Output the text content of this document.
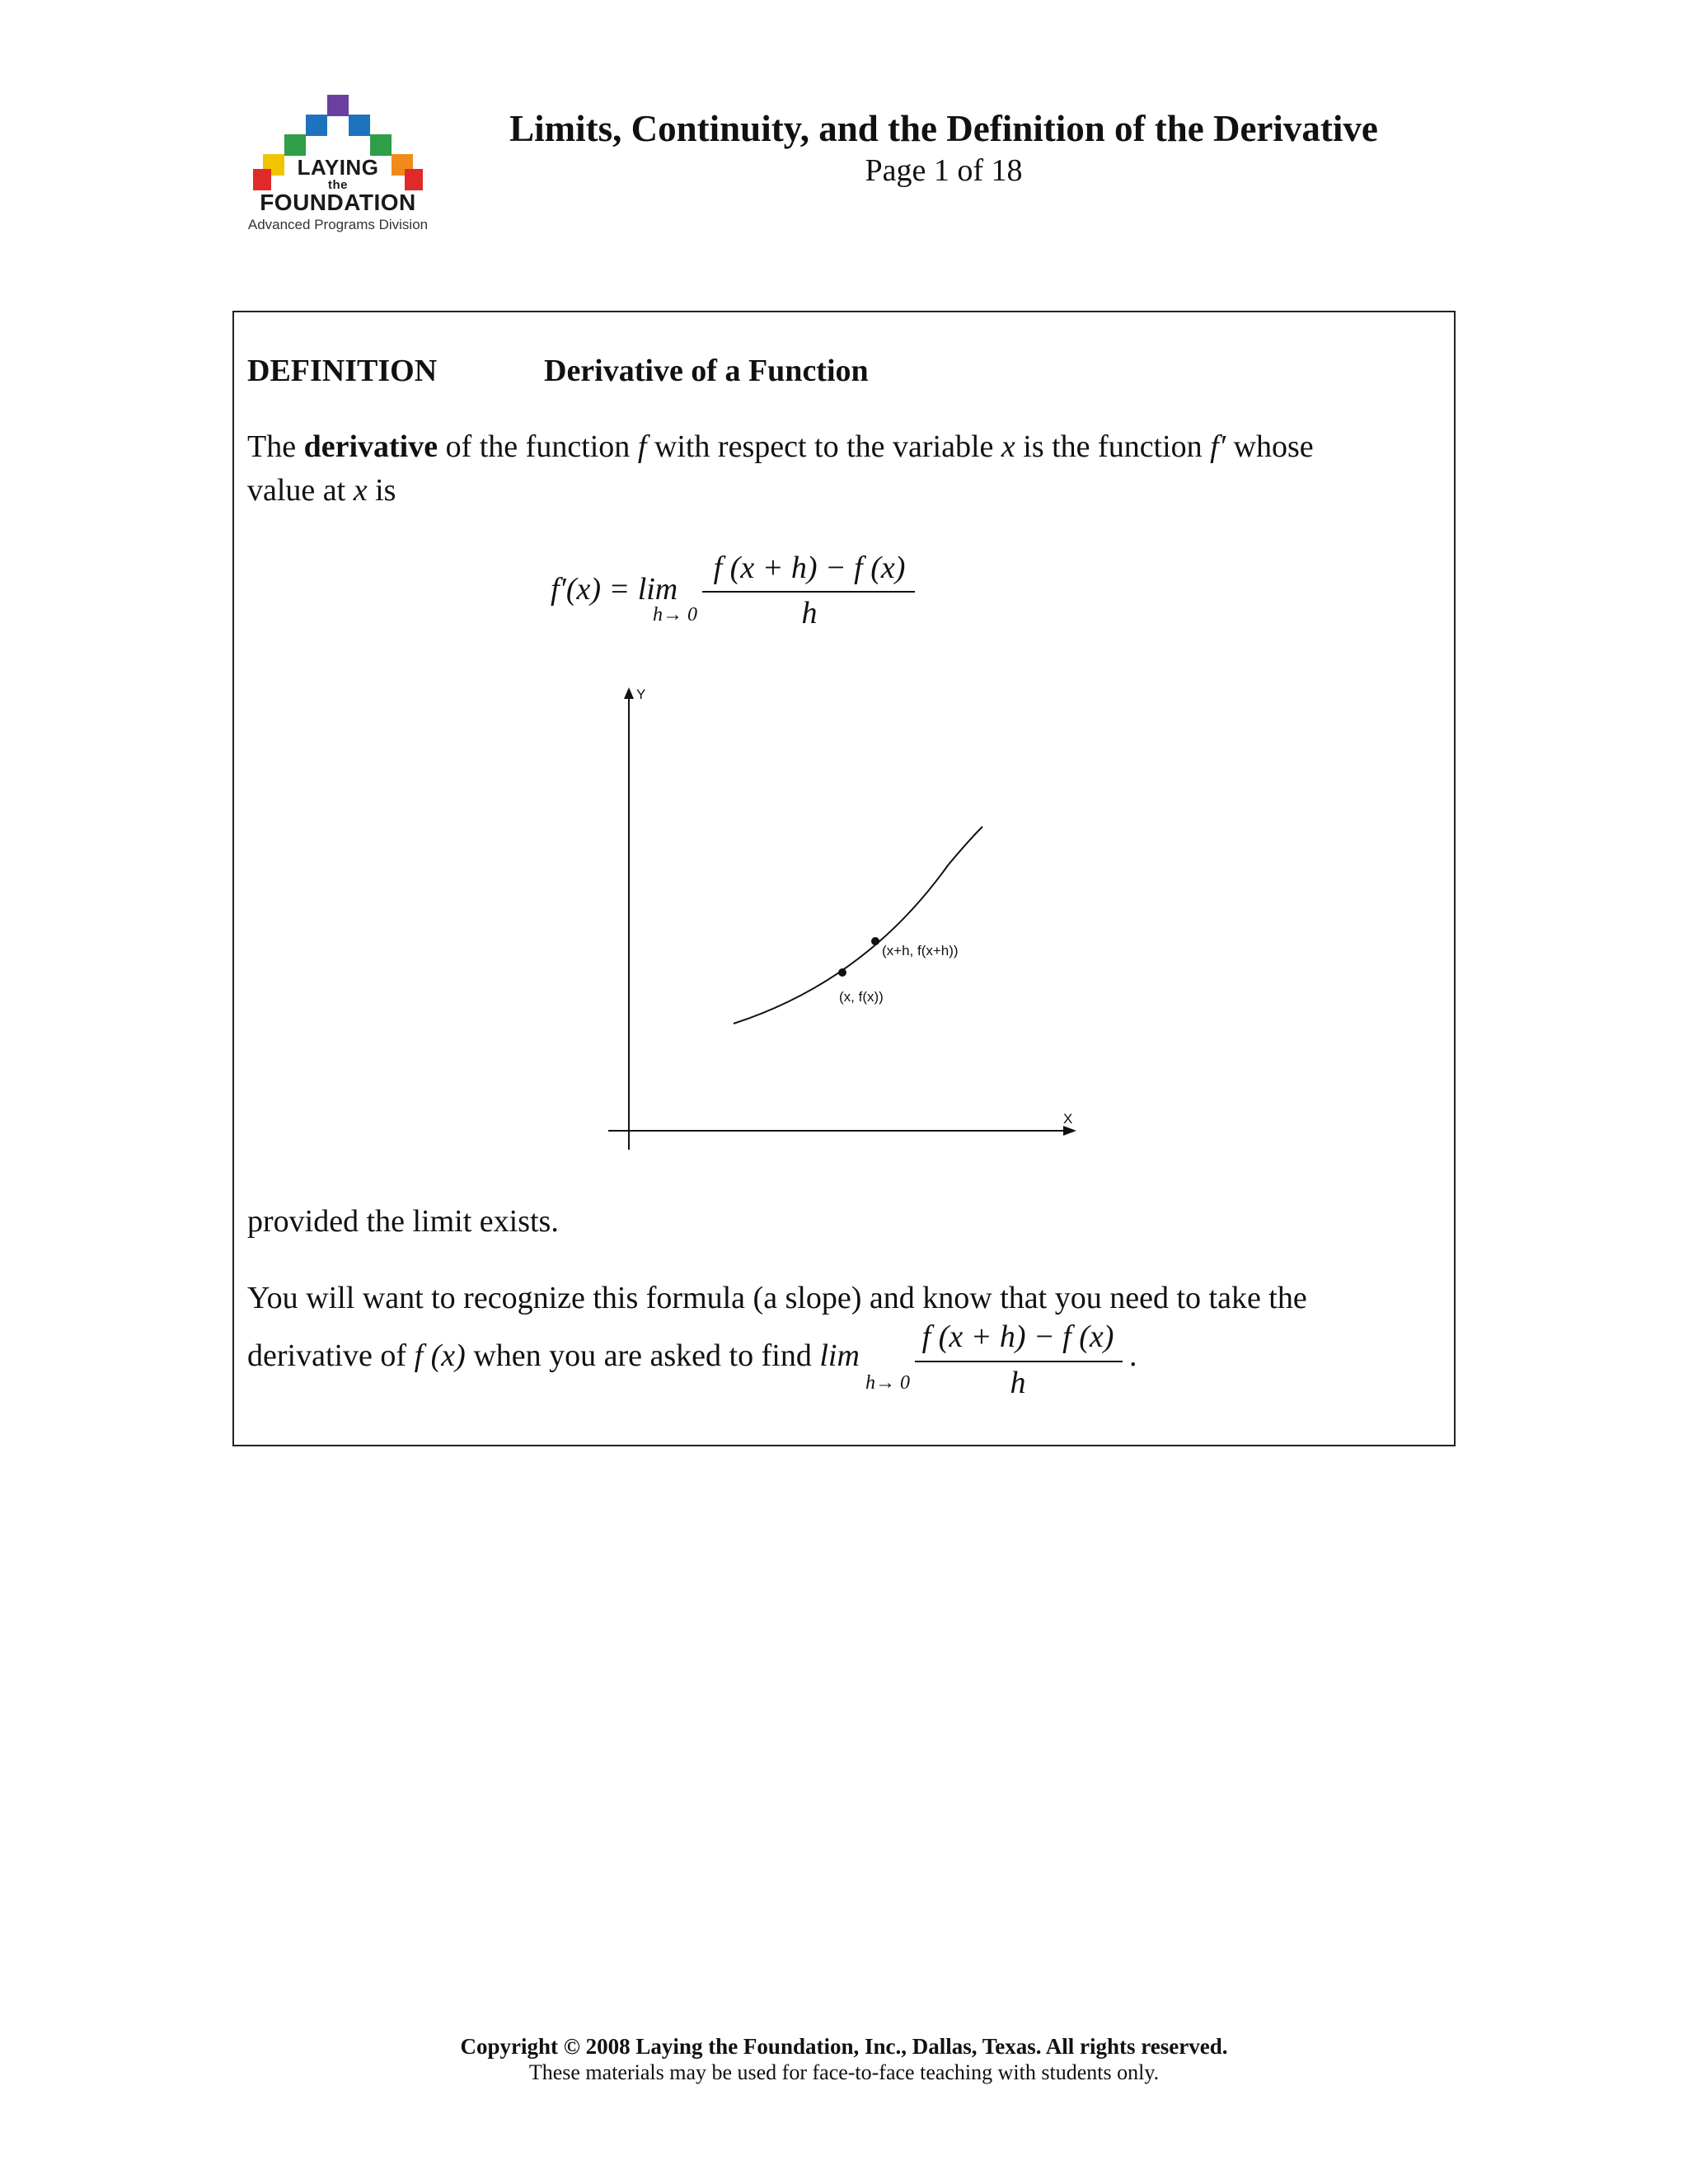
LAYING
the
FOUNDATION
Advanced Programs Division
Limits, Continuity, and the Definition of the Derivative
Page 1 of 18
DEFINITION	Derivative of a Function
The derivative of the function f with respect to the variable x is the function f′ whose
value at x is
f′(x) = lim
h→ 0
f (x + h) − f (x)
h
Y
X
(x, f(x))
(x+h, f(x+h))
provided the limit exists.
You will want to recognize this formula (a slope) and know that you need to take the
derivative of f (x) when you are asked to find lim
h→ 0
f (x + h) − f (x)
h
.
Copyright © 2008 Laying the Foundation, Inc., Dallas, Texas. All rights reserved.
These materials may be used for face-to-face teaching with students only.
